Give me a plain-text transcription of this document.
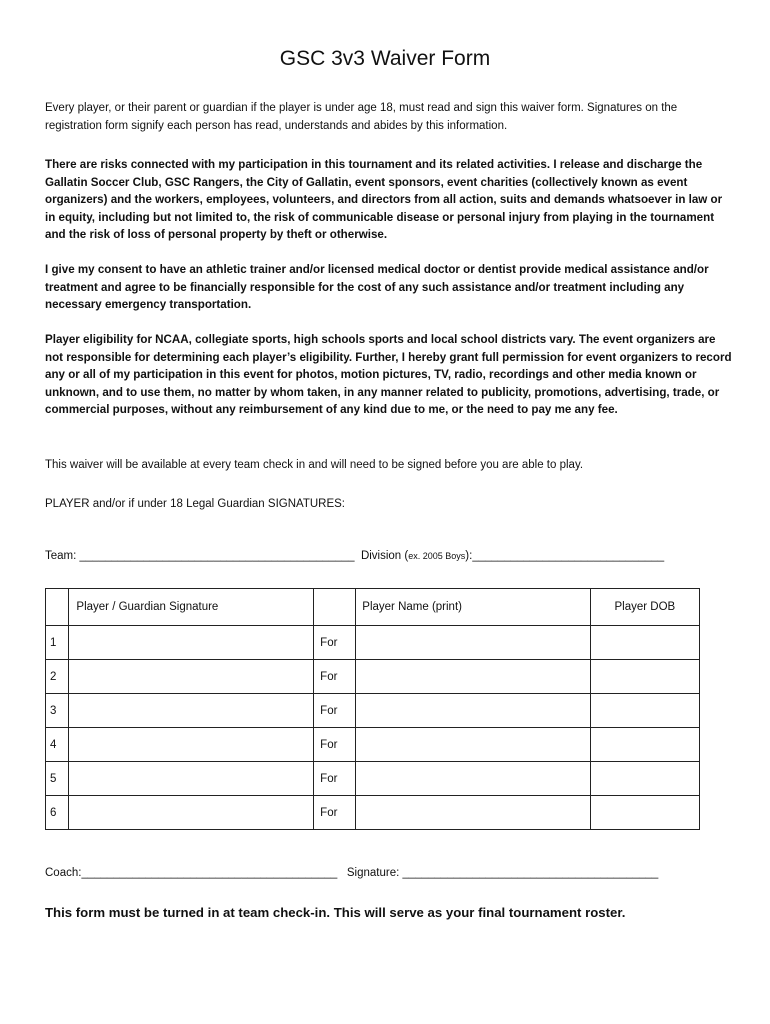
GSC 3v3 Waiver Form

Every player, or their parent or guardian if the player is under age 18, must read and sign this waiver form. Signatures on the registration form signify each person has read, understands and abides by this information.

There are risks connected with my participation in this tournament and its related activities. I release and discharge the Gallatin Soccer Club, GSC Rangers, the City of Gallatin, event sponsors, event charities (collectively known as event organizers) and the workers, employees, volunteers, and directors from all action, suits and demands whatsoever in law or in equity, including but not limited to, the risk of communicable disease or personal injury from playing in the tournament and the risk of loss of personal property by theft or otherwise.

I give my consent to have an athletic trainer and/or licensed medical doctor or dentist provide medical assistance and/or treatment and agree to be financially responsible for the cost of any such assistance and/or treatment including any necessary emergency transportation.

Player eligibility for NCAA, collegiate sports, high schools sports and local school districts vary. The event organizers are not responsible for determining each player’s eligibility. Further, I hereby grant full permission for event organizers to record any or all of my participation in this event for photos, motion pictures, TV, radio, recordings and other media known or unknown, and to use them, no matter by whom taken, in any manner related to publicity, promotions, advertising, trade, or commercial purposes, without any reimbursement of any kind due to me, or the need to pay me any fee.

This waiver will be available at every team check in and will need to be signed before you are able to play.

PLAYER and/or if under 18 Legal Guardian SIGNATURES:

Team: ___________________________________________ Division (ex. 2005 Boys):______________________________
	Player / Guardian Signature		Player Name (print)	Player DOB
1		For		
2		For		
3		For		
4		For		
5		For		
6		For		
Coach:________________________________________ Signature: ________________________________________

This form must be turned in at team check-in. This will serve as your final tournament roster.
